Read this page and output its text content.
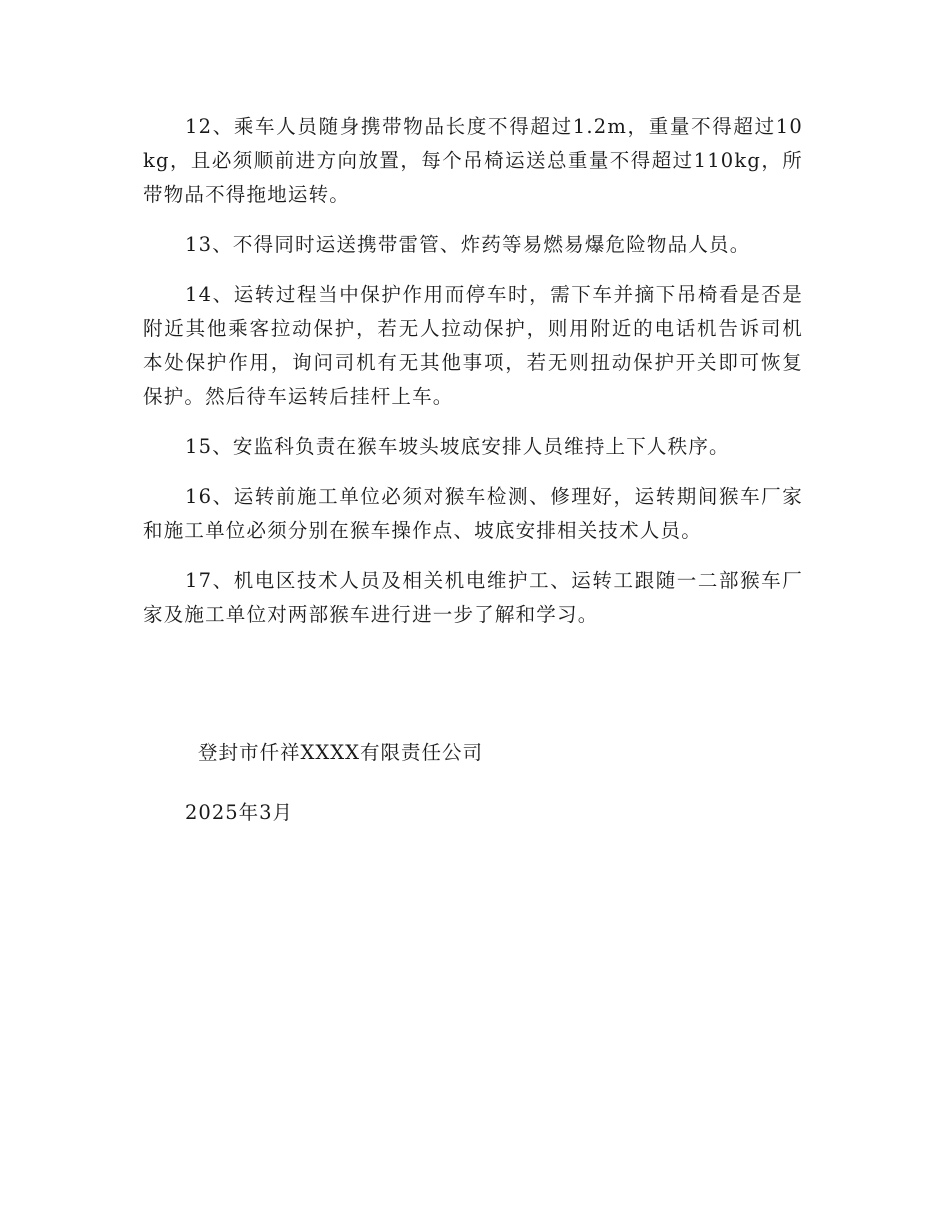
12、乘车人员随身携带物品长度不得超过1.2m，重量不得超过10kg，且必须顺前进方向放置，每个吊椅运送总重量不得超过110kg，所带物品不得拖地运转。

13、不得同时运送携带雷管、炸药等易燃易爆危险物品人员。

14、运转过程当中保护作用而停车时，需下车并摘下吊椅看是否是附近其他乘客拉动保护，若无人拉动保护，则用附近的电话机告诉司机本处保护作用，询问司机有无其他事项，若无则扭动保护开关即可恢复保护。然后待车运转后挂杆上车。

15、安监科负责在猴车坡头坡底安排人员维持上下人秩序。

16、运转前施工单位必须对猴车检测、修理好，运转期间猴车厂家和施工单位必须分别在猴车操作点、坡底安排相关技术人员。

17、机电区技术人员及相关机电维护工、运转工跟随一二部猴车厂家及施工单位对两部猴车进行进一步了解和学习。

登封市仟祥XXXX有限责任公司
2025年3月
